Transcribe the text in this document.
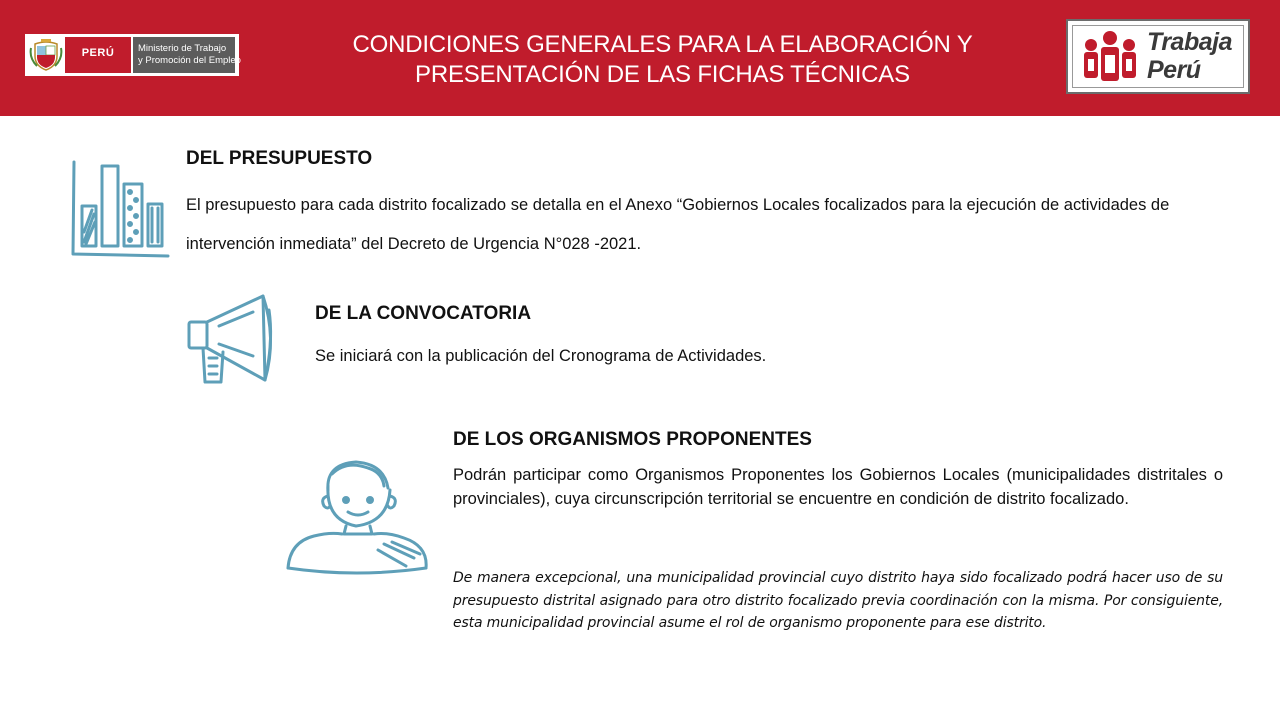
PERÚ	Ministerio de Trabajo
y Promoción del Empleo
CONDICIONES GENERALES PARA LA ELABORACIÓN Y
PRESENTACIÓN DE LAS FICHAS TÉCNICAS
Trabaja
Perú
DEL PRESUPUESTO
El presupuesto para cada distrito focalizado se detalla en el Anexo “Gobiernos Locales focalizados para la ejecución de actividades de intervención inmediata” del Decreto de Urgencia N°028 -2021.
DE LA CONVOCATORIA
Se iniciará con la publicación del Cronograma de Actividades.
DE LOS ORGANISMOS PROPONENTES
Podrán participar como Organismos Proponentes los Gobiernos Locales (municipalidades distritales o provinciales), cuya circunscripción territorial se encuentre en condición de distrito focalizado.
De manera excepcional, una municipalidad provincial cuyo distrito haya sido focalizado podrá hacer uso de su presupuesto distrital asignado para otro distrito focalizado previa coordinación con la misma. Por consiguiente, esta municipalidad provincial asume el rol de organismo proponente para ese distrito.
